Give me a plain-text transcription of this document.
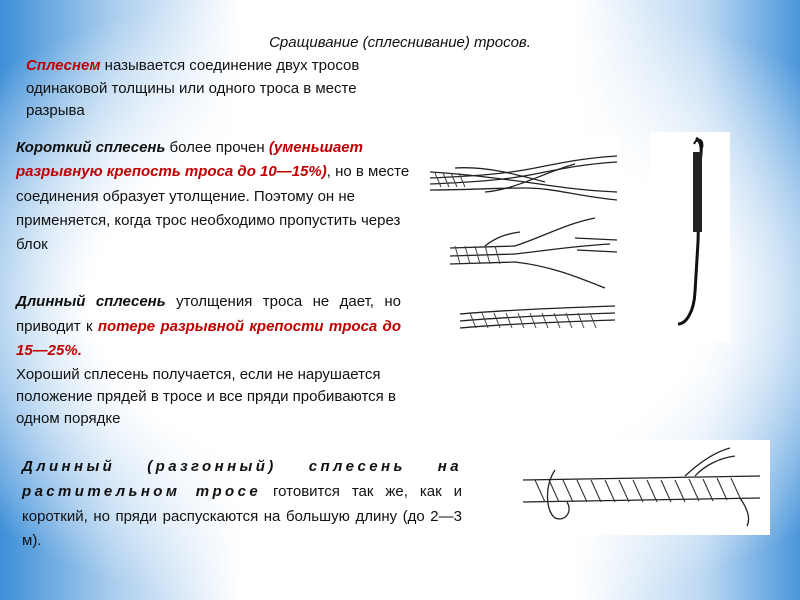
Сращивание (сплеснивание) тросов.
Сплеснем называется соединение двух тросов одинаковой толщины или одного троса в месте разрыва
Короткий сплесень более прочен (уменьшает разрывную крепость троса до 10—15%), но в месте соединения образует утолщение. Поэтому он не применяется, когда трос необходимо пропустить через блок
Длинный сплесень утолщения троса не дает, но приводит к потере разрывной крепости троса до 15—25%.
Хороший сплесень получается, если не нарушается положение прядей в тросе и все пряди пробиваются в одном порядке
Длинный (разгонный) сплесень на растительном тросе готовится так же, как и короткий, но пряди распускаются на большую длину (до 2—3 м).
